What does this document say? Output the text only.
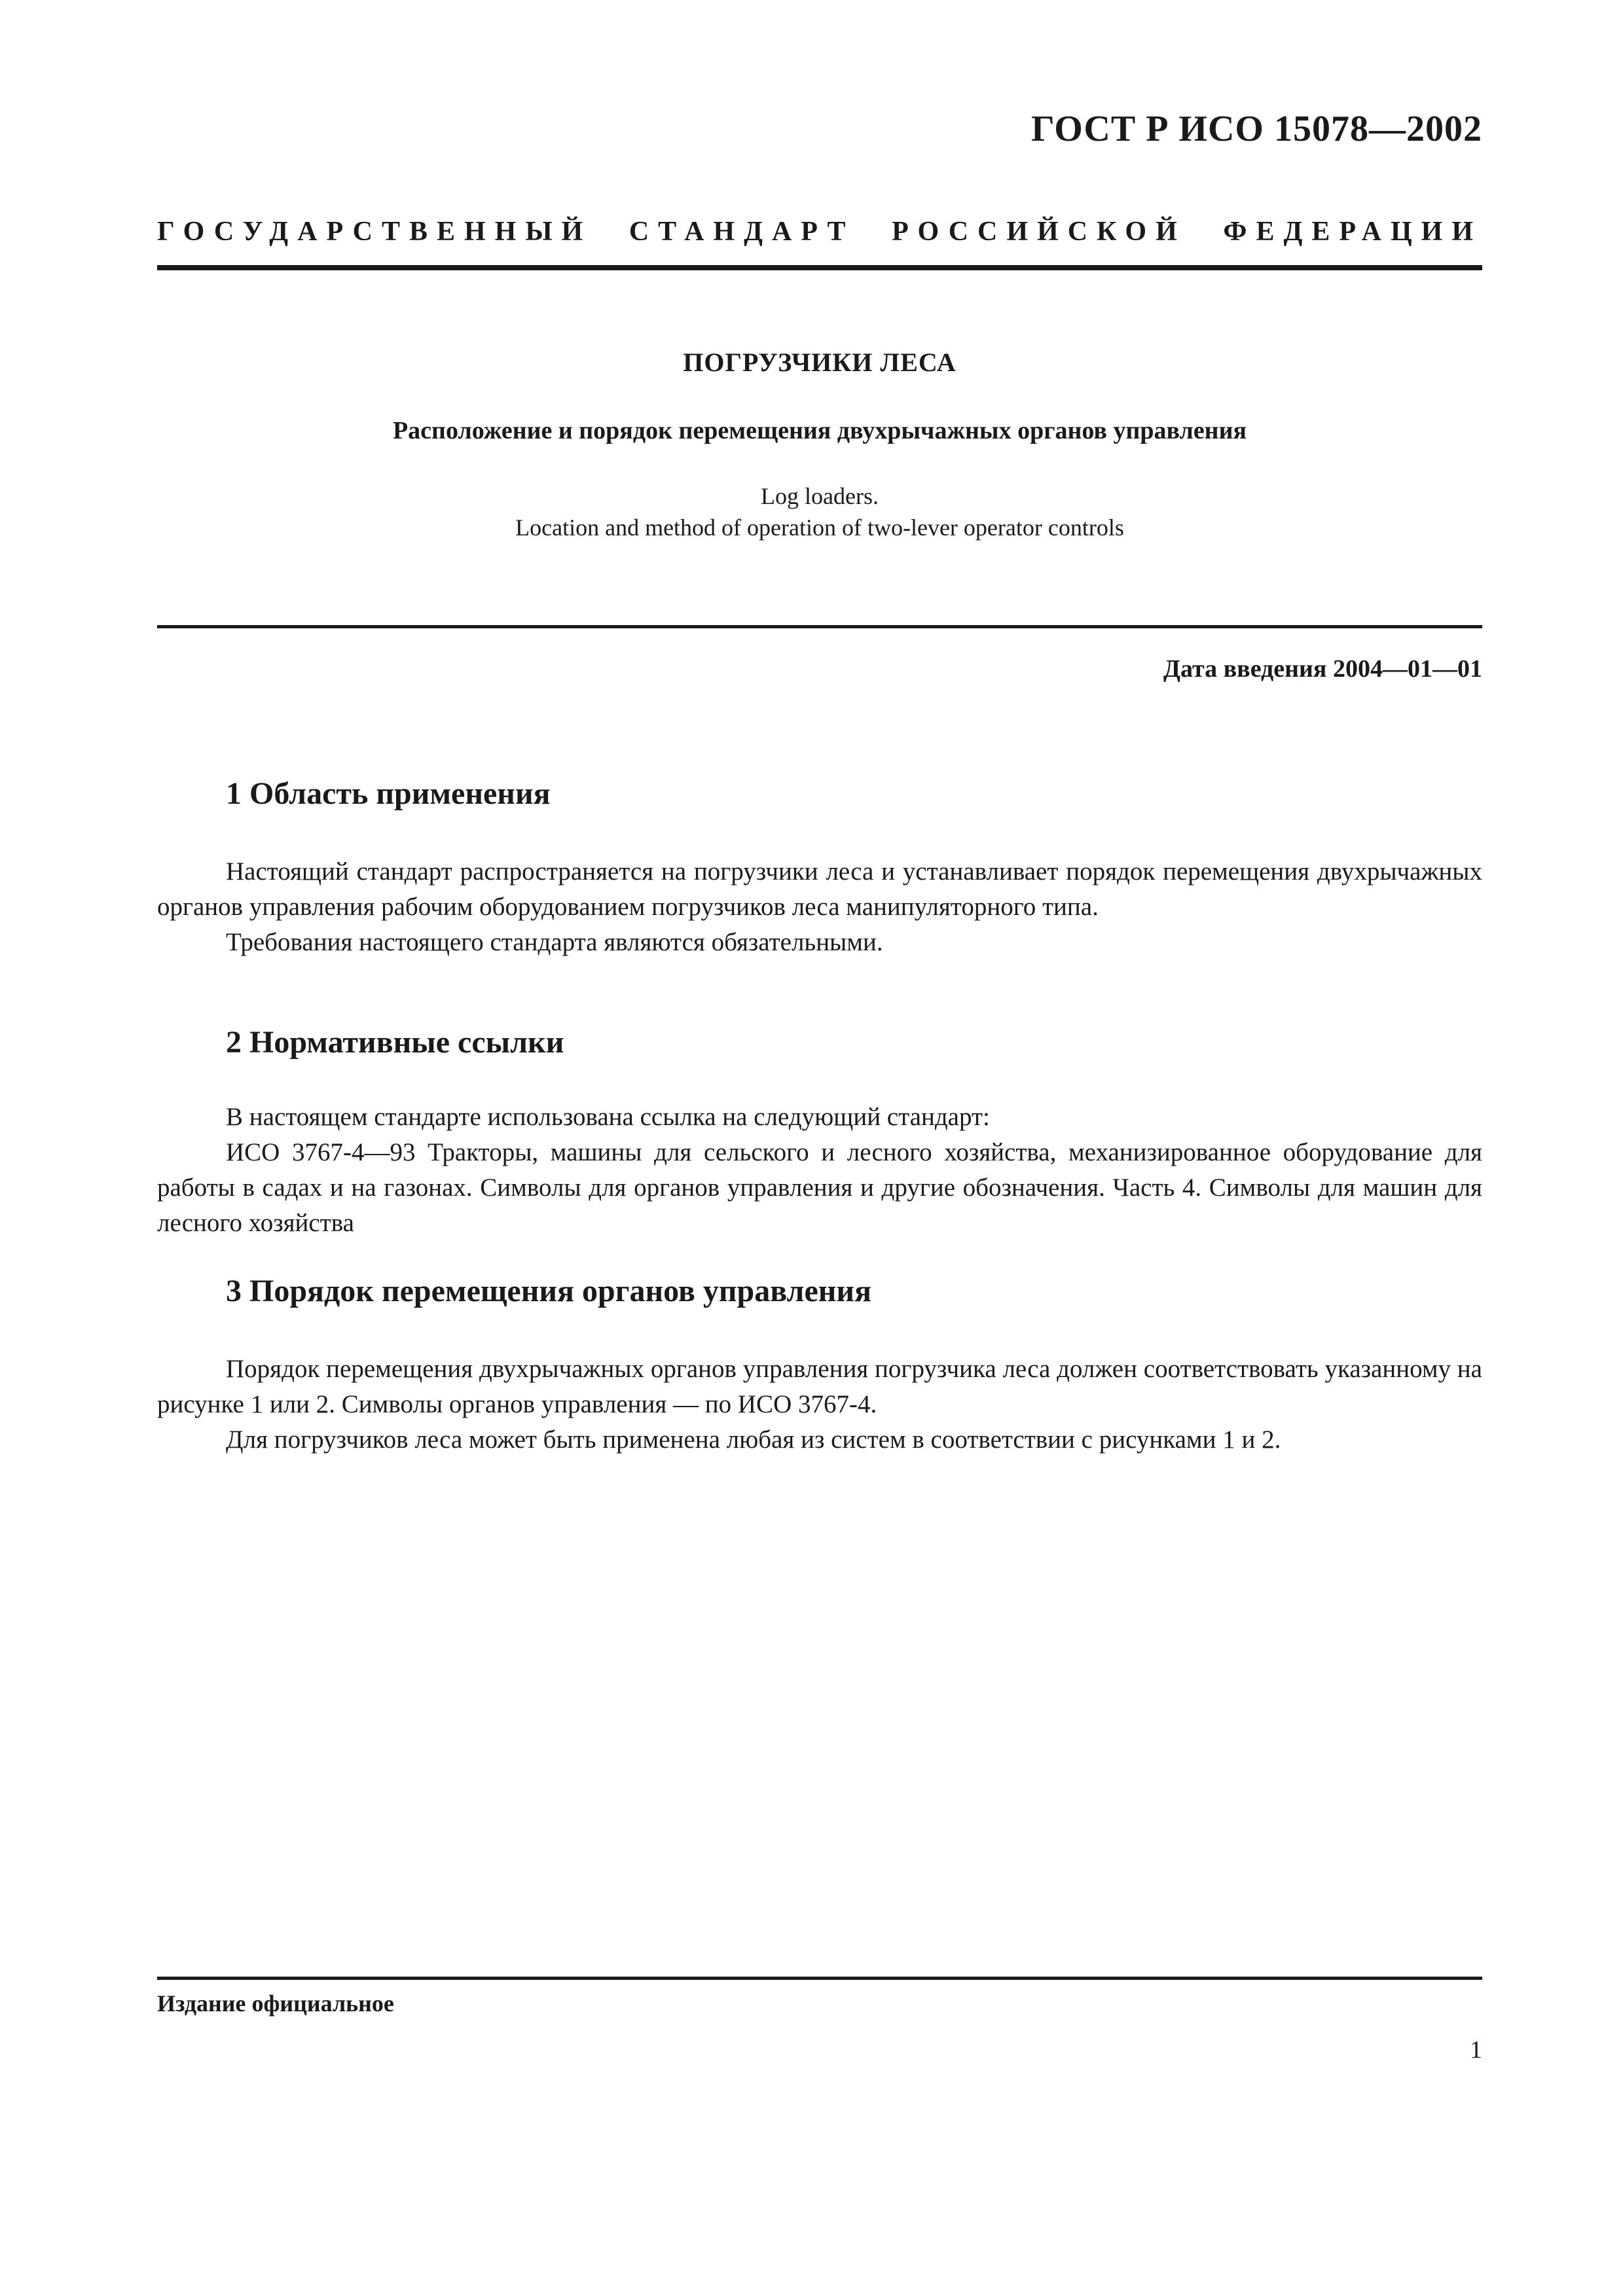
ГОСТ Р ИСО 15078—2002
ГОСУДАРСТВЕННЫЙ СТАНДАРТ РОССИЙСКОЙ ФЕДЕРАЦИИ
ПОГРУЗЧИКИ ЛЕСА
Расположение и порядок перемещения двухрычажных органов управления
Log loaders.
Location and method of operation of two-lever operator controls
Дата введения 2004—01—01
1 Область применения

Настоящий стандарт распространяется на погрузчики леса и устанавливает порядок перемещения двухрычажных органов управления рабочим оборудованием погрузчиков леса манипуляторного типа.

Требования настоящего стандарта являются обязательными.

2 Нормативные ссылки

В настоящем стандарте использована ссылка на следующий стандарт:

ИСО 3767-4—93 Тракторы, машины для сельского и лесного хозяйства, механизированное оборудование для работы в садах и на газонах. Символы для органов управления и другие обозначения. Часть 4. Символы для машин для лесного хозяйства

3 Порядок перемещения органов управления

Порядок перемещения двухрычажных органов управления погрузчика леса должен соответствовать указанному на рисунке 1 или 2. Символы органов управления — по ИСО 3767-4.

Для погрузчиков леса может быть применена любая из систем в соответствии с рисунками 1 и 2.

Издание официальное
1
